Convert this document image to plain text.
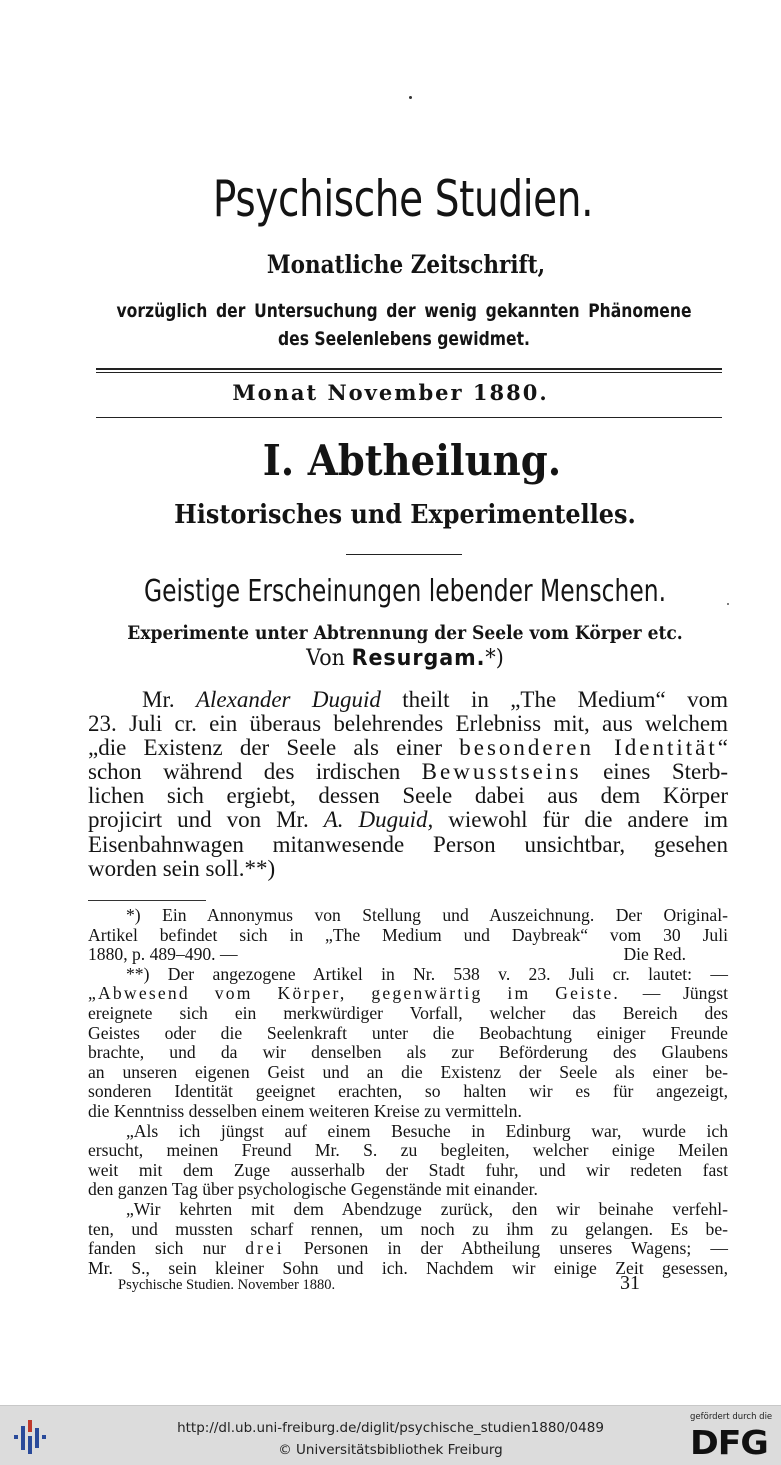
Psychische Studien.
Monatliche Zeitschrift,
vorzüglich der Untersuchung der wenig gekannten Phänomene
des Seelenlebens gewidmet.
Monat November 1880.
I. Abtheilung.
Historisches und Experimentelles.
Geistige Erscheinungen lebender Menschen.
Experimente unter Abtrennung der Seele vom Körper etc.
Von Resurgam.*)

Mr. Alexander Duguid theilt in „The Medium“ vom
23. Juli cr. ein überaus belehrendes Erlebniss mit, aus welchem
„die Existenz der Seele als einer besonderen Identität“
schon während des irdischen Bewusstseins eines Sterb-
lichen sich ergiebt, dessen Seele dabei aus dem Körper
projicirt und von Mr. A. Duguid, wiewohl für die andere im
Eisenbahnwagen mitanwesende Person unsichtbar, gesehen
worden sein soll.**)

*) Ein Annonymus von Stellung und Auszeichnung. Der Original-
Artikel befindet sich in „The Medium und Daybreak“ vom 30 Juli
1880, p. 489–490. —	Die Red.
**) Der angezogene Artikel in Nr. 538 v. 23. Juli cr. lautet: —
„Abwesend vom Körper, gegenwärtig im Geiste. — Jüngst
ereignete sich ein merkwürdiger Vorfall, welcher das Bereich des
Geistes oder die Seelenkraft unter die Beobachtung einiger Freunde
brachte, und da wir denselben als zur Beförderung des Glaubens
an unseren eigenen Geist und an die Existenz der Seele als einer be-
sonderen Identität geeignet erachten, so halten wir es für angezeigt,
die Kenntniss desselben einem weiteren Kreise zu vermitteln.
„Als ich jüngst auf einem Besuche in Edinburg war, wurde ich
ersucht, meinen Freund Mr. S. zu begleiten, welcher einige Meilen
weit mit dem Zuge ausserhalb der Stadt fuhr, und wir redeten fast
den ganzen Tag über psychologische Gegenstände mit einander.
„Wir kehrten mit dem Abendzuge zurück, den wir beinahe verfehl-
ten, und mussten scharf rennen, um noch zu ihm zu gelangen. Es be-
fanden sich nur drei Personen in der Abtheilung unseres Wagens; —
Mr. S., sein kleiner Sohn und ich. Nachdem wir einige Zeit gesessen,
Psychische Studien. November 1880.	31
http://dl.ub.uni-freiburg.de/diglit/psychische_studien1880/0489
© Universitätsbibliothek Freiburg
gefördert durch die
DFG
